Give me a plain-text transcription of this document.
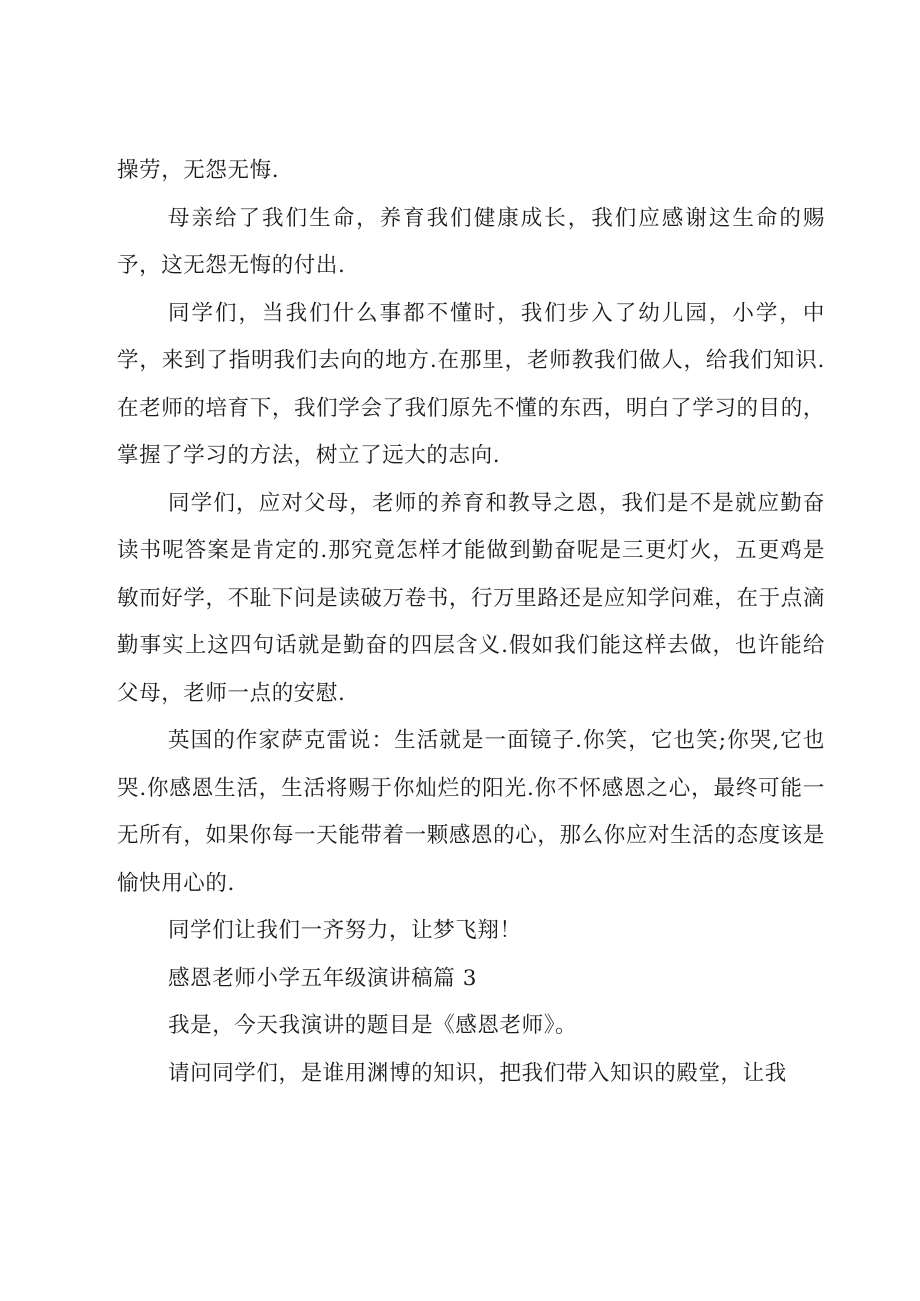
操劳，无怨无悔.

母亲给了我们生命，养育我们健康成长，我们应感谢这生命的赐予，这无怨无悔的付出.

同学们，当我们什么事都不懂时，我们步入了幼儿园，小学，中学，来到了指明我们去向的地方.在那里，老师教我们做人，给我们知识.在老师的培育下，我们学会了我们原先不懂的东西，明白了学习的目的，掌握了学习的方法，树立了远大的志向.

同学们，应对父母，老师的养育和教导之恩，我们是不是就应勤奋读书呢答案是肯定的.那究竟怎样才能做到勤奋呢是三更灯火，五更鸡是敏而好学，不耻下问是读破万卷书，行万里路还是应知学问难，在于点滴勤事实上这四句话就是勤奋的四层含义.假如我们能这样去做，也许能给父母，老师一点的安慰.

英国的作家萨克雷说：生活就是一面镜子.你笑，它也笑;你哭,它也哭.你感恩生活，生活将赐于你灿烂的阳光.你不怀感恩之心，最终可能一无所有，如果你每一天能带着一颗感恩的心，那么你应对生活的态度该是愉快用心的.

同学们让我们一齐努力，让梦飞翔！

感恩老师小学五年级演讲稿篇 3

我是，今天我演讲的题目是《感恩老师》。

请问同学们，是谁用渊博的知识，把我们带入知识的殿堂，让我
